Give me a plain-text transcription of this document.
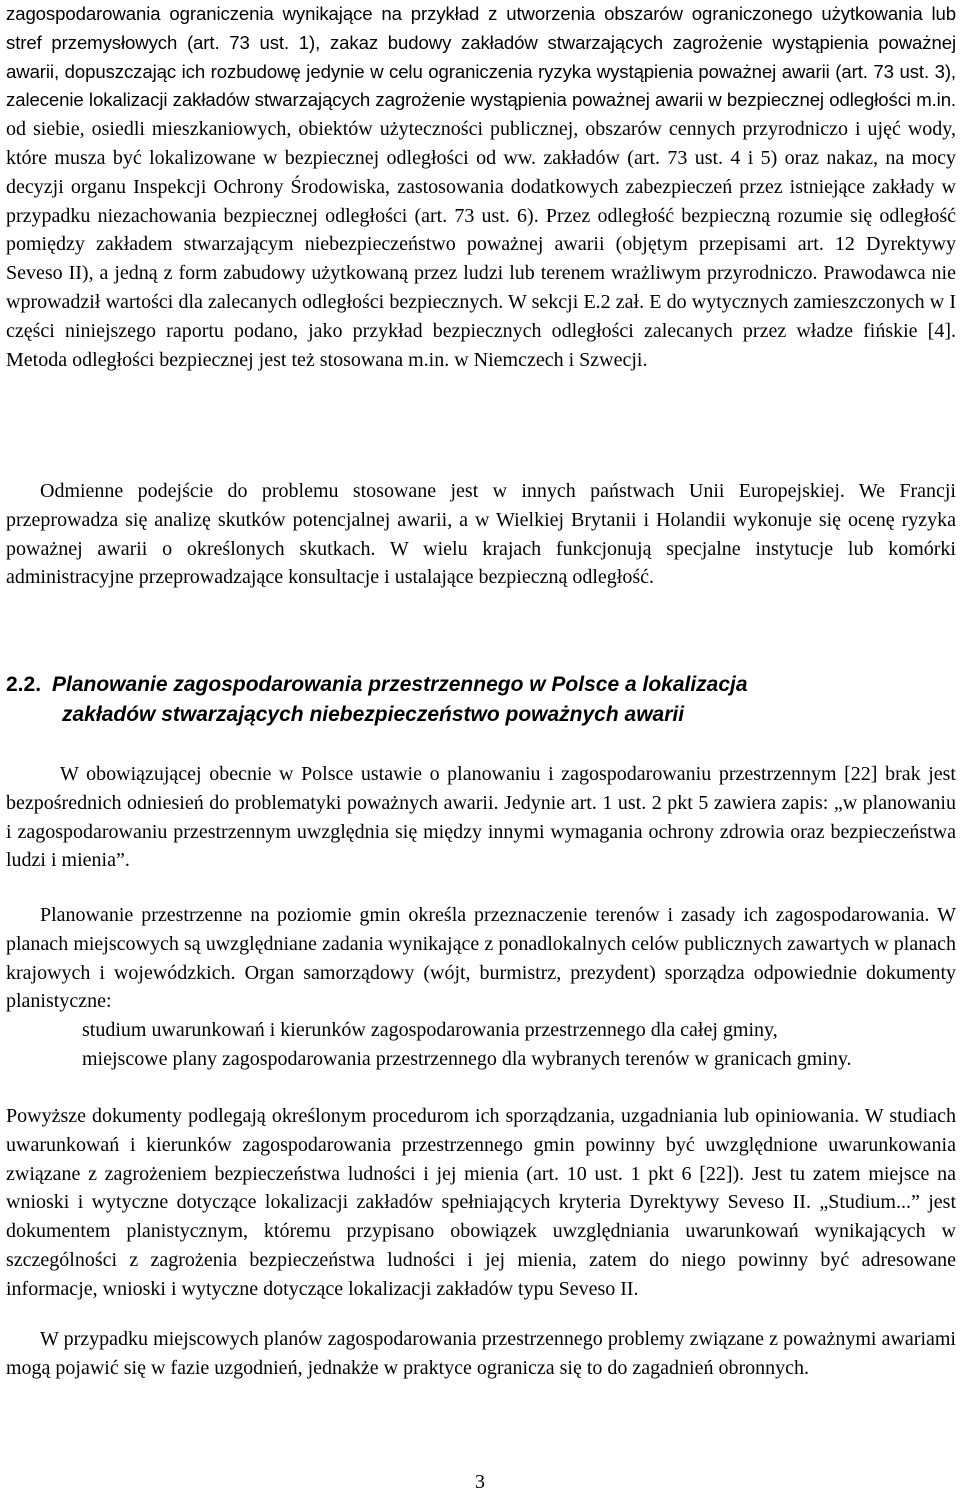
zagospodarowania ograniczenia wynikające na przykład z utworzenia obszarów ograniczonego użytkowania lub stref przemysłowych (art. 73 ust. 1), zakaz budowy zakładów stwarzających zagrożenie wystąpienia poważnej awarii, dopuszczając ich rozbudowę jedynie w celu ograniczenia ryzyka wystąpienia poważnej awarii (art. 73 ust. 3), zalecenie lokalizacji zakładów stwarzających zagrożenie wystąpienia poważnej awarii w bezpiecznej odległości m.in. od siebie, osiedli mieszkaniowych, obiektów użyteczności publicznej, obszarów cennych przyrodniczo i ujęć wody, które musza być lokalizowane w bezpiecznej odległości od ww. zakładów (art. 73 ust. 4 i 5) oraz nakaz, na mocy decyzji organu Inspekcji Ochrony Środowiska, zastosowania dodatkowych zabezpieczeń przez istniejące zakłady w przypadku niezachowania bezpiecznej odległości (art. 73 ust. 6). Przez odległość bezpieczną rozumie się odległość pomiędzy zakładem stwarzającym niebezpieczeństwo poważnej awarii (objętym przepisami art. 12 Dyrektywy Seveso II), a jedną z form zabudowy użytkowaną przez ludzi lub terenem wrażliwym przyrodniczo. Prawodawca nie wprowadził wartości dla zalecanych odległości bezpiecznych. W sekcji E.2 zał. E do wytycznych zamieszczonych w I części niniejszego raportu podano, jako przykład bezpiecznych odległości zalecanych przez władze fińskie [4]. Metoda odległości bezpiecznej jest też stosowana m.in. w Niemczech i Szwecji.

Odmienne podejście do problemu stosowane jest w innych państwach Unii Europejskiej. We Francji przeprowadza się analizę skutków potencjalnej awarii, a w Wielkiej Brytanii i Holandii wykonuje się ocenę ryzyka poważnej awarii o określonych skutkach. W wielu krajach funkcjonują specjalne instytucje lub komórki administracyjne przeprowadzające konsultacje i ustalające bezpieczną odległość.

2.2. Planowanie zagospodarowania przestrzennego w Polsce a lokalizacja
zakładów stwarzających niebezpieczeństwo poważnych awarii

W obowiązującej obecnie w Polsce ustawie o planowaniu i zagospodarowaniu przestrzennym [22] brak jest bezpośrednich odniesień do problematyki poważnych awarii. Jedynie art. 1 ust. 2 pkt 5 zawiera zapis: „w planowaniu i zagospodarowaniu przestrzennym uwzględnia się między innymi wymagania ochrony zdrowia oraz bezpieczeństwa ludzi i mienia”.

Planowanie przestrzenne na poziomie gmin określa przeznaczenie terenów i zasady ich zagospodarowania. W planach miejscowych są uwzględniane zadania wynikające z ponadlokalnych celów publicznych zawartych w planach krajowych i wojewódzkich. Organ samorządowy (wójt, burmistrz, prezydent) sporządza odpowiednie dokumenty planistyczne:

studium uwarunkowań i kierunków zagospodarowania przestrzennego dla całej gminy,
miejscowe plany zagospodarowania przestrzennego dla wybranych terenów w granicach gminy.

Powyższe dokumenty podlegają określonym procedurom ich sporządzania, uzgadniania lub opiniowania. W studiach uwarunkowań i kierunków zagospodarowania przestrzennego gmin powinny być uwzględnione uwarunkowania związane z zagrożeniem bezpieczeństwa ludności i jej mienia (art. 10 ust. 1 pkt 6 [22]). Jest tu zatem miejsce na wnioski i wytyczne dotyczące lokalizacji zakładów spełniających kryteria Dyrektywy Seveso II. „Studium...” jest dokumentem planistycznym, któremu przypisano obowiązek uwzględniania uwarunkowań wynikających w szczególności z zagrożenia bezpieczeństwa ludności i jej mienia, zatem do niego powinny być adresowane informacje, wnioski i wytyczne dotyczące lokalizacji zakładów typu Seveso II.

W przypadku miejscowych planów zagospodarowania przestrzennego problemy związane z poważnymi awariami mogą pojawić się w fazie uzgodnień, jednakże w praktyce ogranicza się to do zagadnień obronnych.

3
